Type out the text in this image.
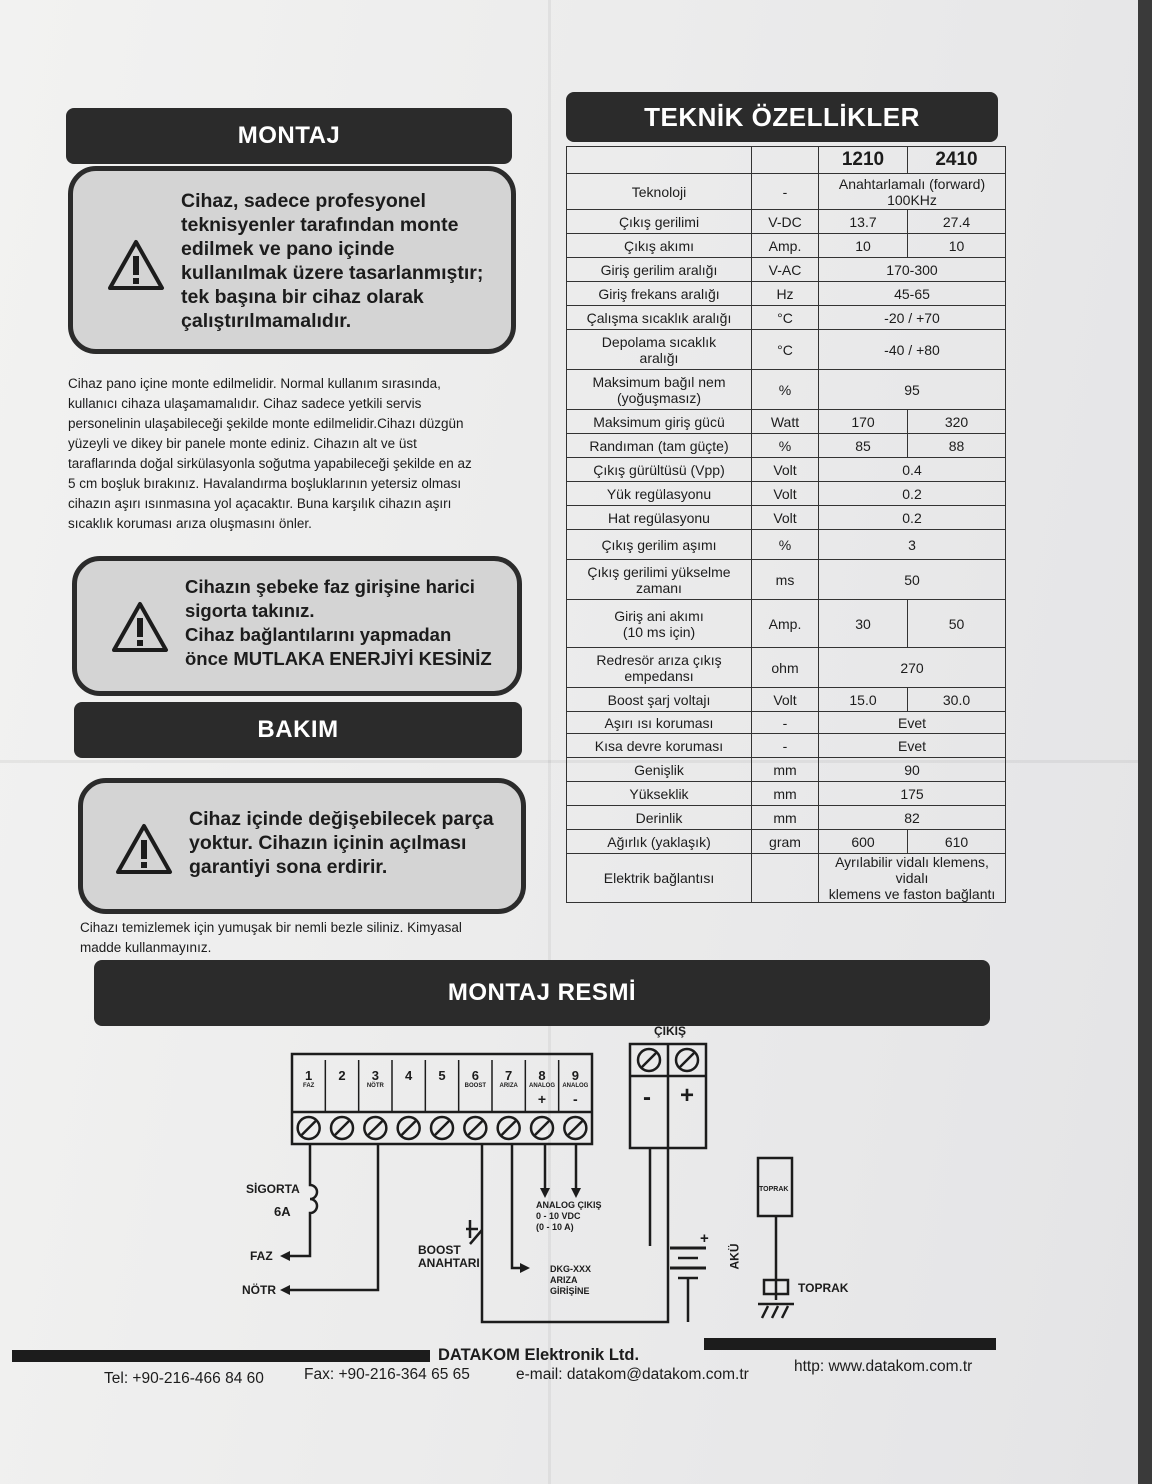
MONTAJ
Cihaz, sadece profesyonel
teknisyenler tarafından monte
edilmek ve pano içinde
kullanılmak üzere tasarlanmıştır;
tek başına bir cihaz olarak
çalıştırılmamalıdır.
Cihaz pano içine monte edilmelidir. Normal kullanım sırasında,
kullanıcı cihaza ulaşamamalıdır. Cihaz sadece yetkili servis
personelinin ulaşabileceği şekilde monte edilmelidir.Cihazı düzgün
yüzeyli ve dikey bir panele monte ediniz. Cihazın alt ve üst
taraflarında doğal sirkülasyonla soğutma yapabileceği şekilde en az
5 cm boşluk bırakınız. Havalandırma boşluklarının yetersiz olması
cihazın aşırı ısınmasına yol açacaktır. Buna karşılık cihazın aşırı
sıcaklık koruması arıza oluşmasını önler.
Cihazın şebeke faz girişine harici
sigorta takınız.
Cihaz bağlantılarını yapmadan
önce MUTLAKA ENERJİYİ KESİNİZ
BAKIM
Cihaz içinde değişebilecek parça
yoktur. Cihazın içinin açılması
garantiyi sona erdirir.
Cihazı temizlemek için yumuşak bir nemli bezle siliniz. Kimyasal
madde kullanmayınız.
TEKNİK ÖZELLİKLER
		1210	2410
Teknoloji	-	Anahtarlamalı (forward)
100KHz	
Çıkış gerilimi	V-DC	13.7	27.4
Çıkış akımı	Amp.	10	10
Giriş gerilim aralığı	V-AC	170-300	
Giriş frekans aralığı	Hz	45-65	
Çalışma sıcaklık aralığı	°C	-20 / +70	
Depolama sıcaklık
aralığı	°C	-40 / +80	
Maksimum bağıl nem
(yoğuşmasız)	%	95	
Maksimum giriş gücü	Watt	170	320
Randıman (tam güçte)	%	85	88
Çıkış gürültüsü (Vpp)	Volt	0.4	
Yük regülasyonu	Volt	0.2	
Hat regülasyonu	Volt	0.2	
Çıkış gerilim aşımı	%	3	
Çıkış gerilimi yükselme
zamanı	ms	50	
Giriş ani akımı
(10 ms için)	Amp.	30	50
Redresör arıza çıkış
empedansı	ohm	270	
Boost şarj voltajı	Volt	15.0	30.0
Aşırı ısı koruması	-	Evet	
Kısa devre koruması	-	Evet	
Genişlik	mm	90	
Yükseklik	mm	175	
Derinlik	mm	82	
Ağırlık (yaklaşık)	gram	600	610
Elektrik bağlantısı		Ayrılabilir vidalı klemens, vidalı
klemens ve faston bağlantı	
MONTAJ RESMİ
1
FAZ
2	3
NÖTR
4	5	6
BOOST
7
ARIZA
8
ANALOG
9
ANALOG
+	-
ÇIKIŞ
- +
SİGORTA
6A
FAZ
NÖTR
BOOST
ANAHTARI
ANALOG ÇIKIŞ
0 - 10 VDC
(0 - 10 A)
DKG-XXX
ARIZA
GİRİŞİNE
+
AKÜ
TOPRAK
TOPRAK
DATAKOM Elektronik Ltd.
Tel: +90-216-466 84 60	Fax: +90-216-364 65 65	e-mail: datakom@datakom.com.tr	http: www.datakom.com.tr
